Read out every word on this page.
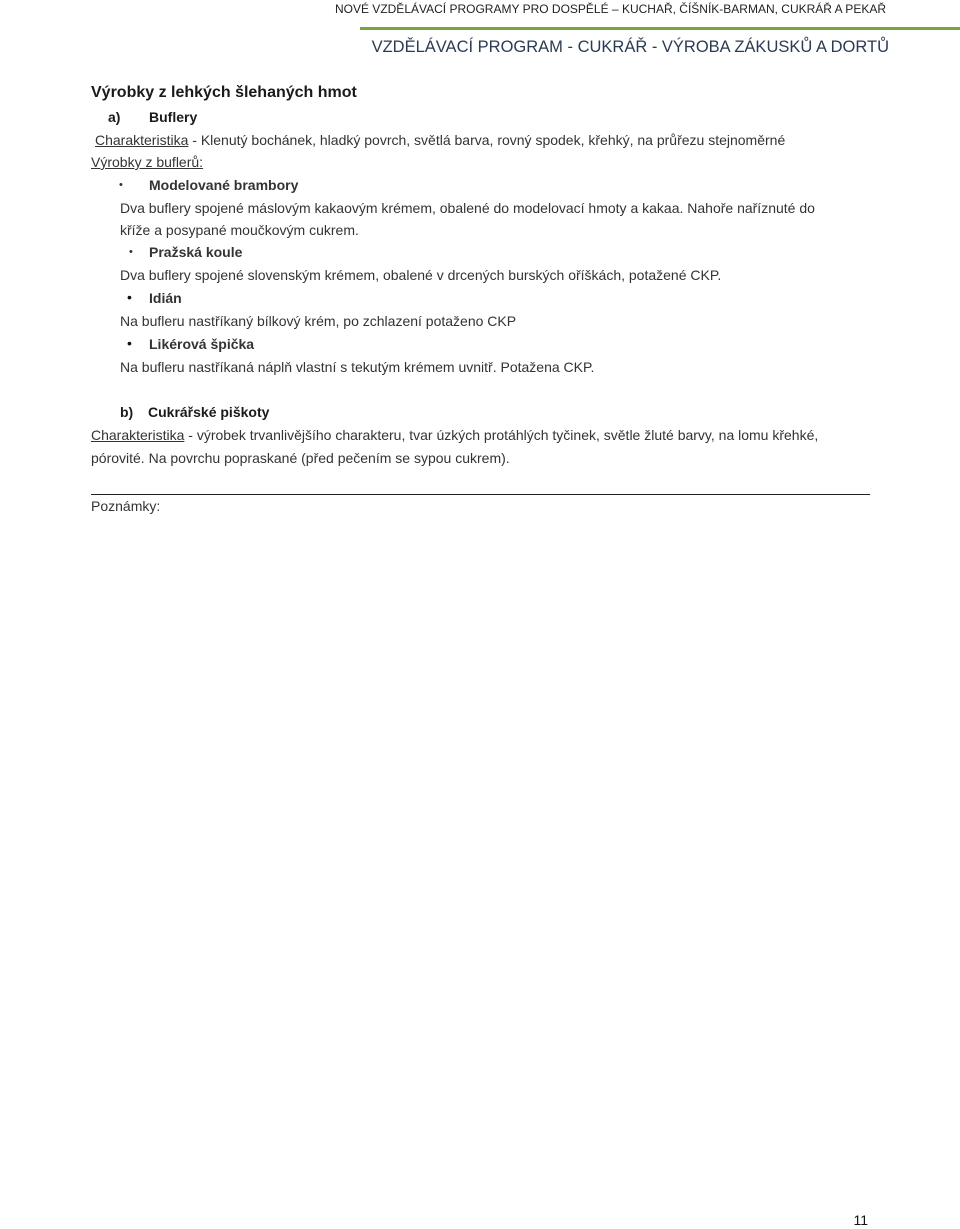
NOVÉ VZDĚLÁVACÍ PROGRAMY PRO DOSPĚLÉ – KUCHAŘ, ČÍŠNÍK-BARMAN, CUKRÁŘ A PEKAŘ
VZDĚLÁVACÍ PROGRAM - CUKRÁŘ - VÝROBA ZÁKUSKŮ A DORTŮ
Výrobky z lehkých šlehaných hmot
a) Buflery
Charakteristika - Klenutý bochánek, hladký povrch, světlá barva, rovný spodek, křehký, na průřezu stejnoměrné
Výrobky z buflerů:
• Modelované brambory
Dva buflery spojené máslovým kakaovým krémem, obalené do modelovací hmoty a kakaa. Nahoře naříznuté do
kříže a posypané moučkovým cukrem.
• Pražská koule
Dva buflery spojené slovenským krémem, obalené v drcených burských oříškách, potažené CKP.
• Idián
Na bufleru nastříkaný bílkový krém, po zchlazení potaženo CKP
• Likérová špička
Na bufleru nastříkaná náplň vlastní s tekutým krémem uvnitř. Potažena CKP.
b) Cukrářské piškoty
Charakteristika - výrobek trvanlivějšího charakteru, tvar úzkých protáhlých tyčinek, světle žluté barvy, na lomu křehké,
pórovité. Na povrchu popraskané (před pečením se sypou cukrem).
Poznámky:
11
